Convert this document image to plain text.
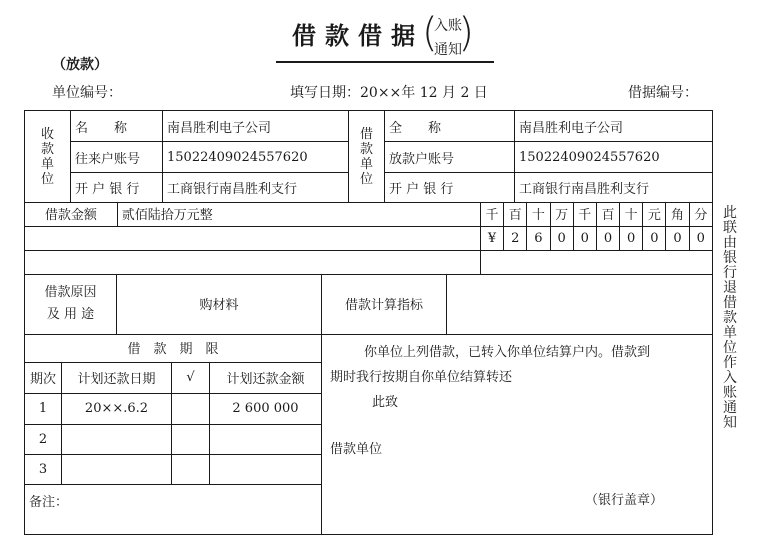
借款借据
(
入账
通知
)
（放款）
单位编号：	填写日期：20××年 12 月 2 日	借据编号：
收款单位	名　　称	南昌胜利电子公司	借款单位	全　　称	南昌胜利电子公司
	往来户账号	15022409024557620		放款户账号	15022409024557620
	开 户 银 行	工商银行南昌胜利支行		开 户 银 行	工商银行南昌胜利支行
借款金额	贰佰陆拾万元整	千	百	十	万	千	百	十	元	角	分
		¥	2	6	0	0	0	0	0	0	0

借款原因
及 用 途
	购材料	借款计算指标	
借　款　期　限				你单位上列借款，已转入你单位结算户内。借款到
期时我行按期自你单位结算转还
此致
借款单位
（银行盖章）

期次	计划还款日期	√	计划还款金额	
1	20××.6.2		2 600 000	
2				
3				
备注：				
此联由银行退借款单位作入账通知
